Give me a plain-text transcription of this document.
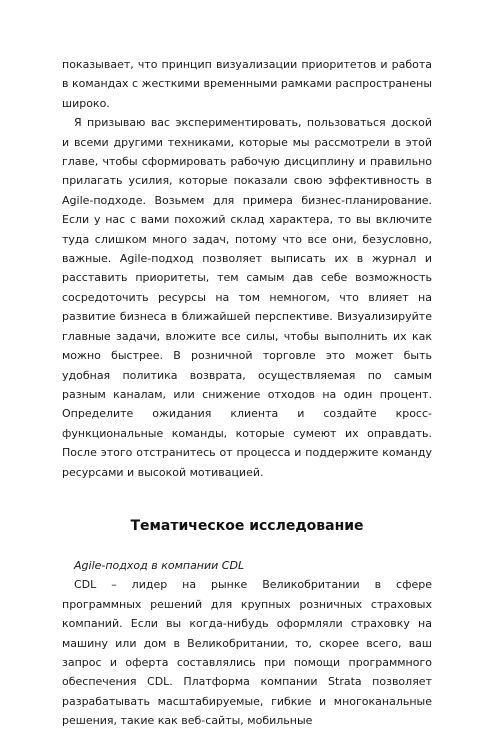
показывает, что принцип визуализации приоритетов и работа в командах с жесткими временными рамками распространены широко.

Я призываю вас экспериментировать, пользоваться доской и всеми другими техниками, которые мы рассмотрели в этой главе, чтобы сформировать рабочую дисциплину и правильно прилагать усилия, которые показали свою эффективность в Agile-подходе. Возьмем для примера бизнес-планирование. Если у нас с вами похожий склад характера, то вы включите туда слишком много задач, потому что все они, безусловно, важные. Agile-подход позволяет выписать их в журнал и расставить приоритеты, тем самым дав себе возможность сосредоточить ресурсы на том немногом, что влияет на развитие бизнеса в ближайшей перспективе. Визуализируйте главные задачи, вложите все силы, чтобы выполнить их как можно быстрее. В розничной торговле это может быть удобная политика возврата, осуществляемая по самым разным каналам, или снижение отходов на один процент. Определите ожидания клиента и создайте кросс-функциональные команды, которые сумеют их оправдать. После этого отстранитесь от процесса и поддержите команду ресурсами и высокой мотивацией.

Тематическое исследование

Agile-подход в компании CDL

CDL – лидер на рынке Великобритании в сфере программных решений для крупных розничных страховых компаний. Если вы когда-нибудь оформляли страховку на машину или дом в Великобритании, то, скорее всего, ваш запрос и оферта составлялись при помощи программного обеспечения CDL. Платформа компании Strata позволяет разрабатывать масштабируемые, гибкие и многоканальные решения, такие как веб-сайты, мобильные
